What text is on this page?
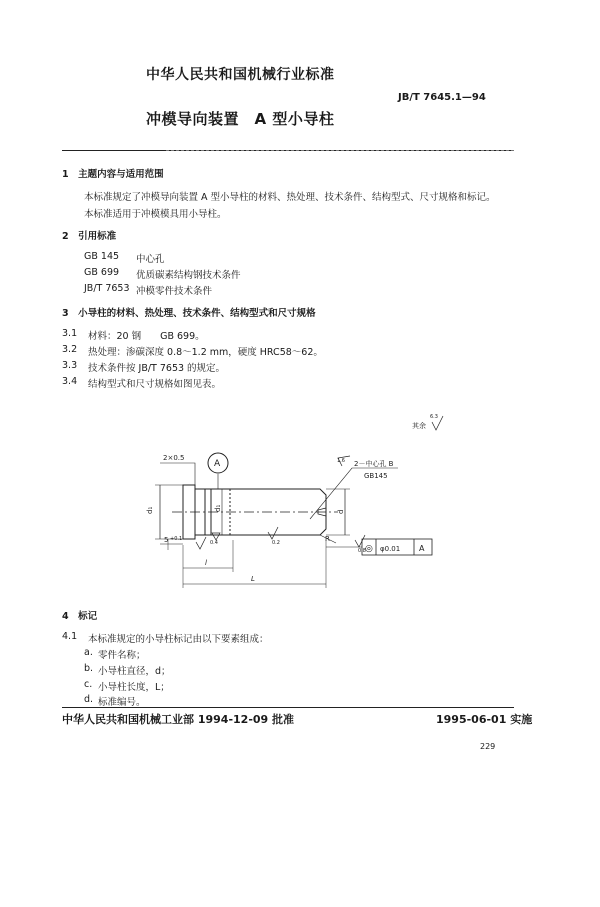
中华人民共和国机械行业标准
JB/T 7645.1—94
冲模导向装置　A 型小导柱
1　主题内容与适用范围
本标准规定了冲模导向装置 A 型小导柱的材料、热处理、技术条件、结构型式、尺寸规格和标记。
本标准适用于冲模模具用小导柱。
2　引用标准
GB 145 中心孔
GB 699 优质碳素结构钢技术条件
JB/T 7653 冲模零件技术条件
3　小导柱的材料、热处理、技术条件、结构型式和尺寸规格
3.1 材料：20 钢　　GB 699。
3.2 热处理：渗碳深度 0.8～1.2 mm，硬度 HRC58～62。
3.3 技术条件按 JB/T 7653 的规定。
3.4 结构型式和尺寸规格如图见表。
其余
6.3
2×0.5
A	2－中心孔 B
GB145
d₁	d₁	d
0.4	0.2
0.8
1.6
R
5 +0.1
l
L
◎ φ0.01 A
4　标记
4.1 本标准规定的小导柱标记由以下要素组成：
a. 零件名称；
b. 小导柱直径，d；
c. 小导柱长度，L；
d. 标准编号。
中华人民共和国机械工业部 1994-12-09 批准	1995-06-01 实施
229
